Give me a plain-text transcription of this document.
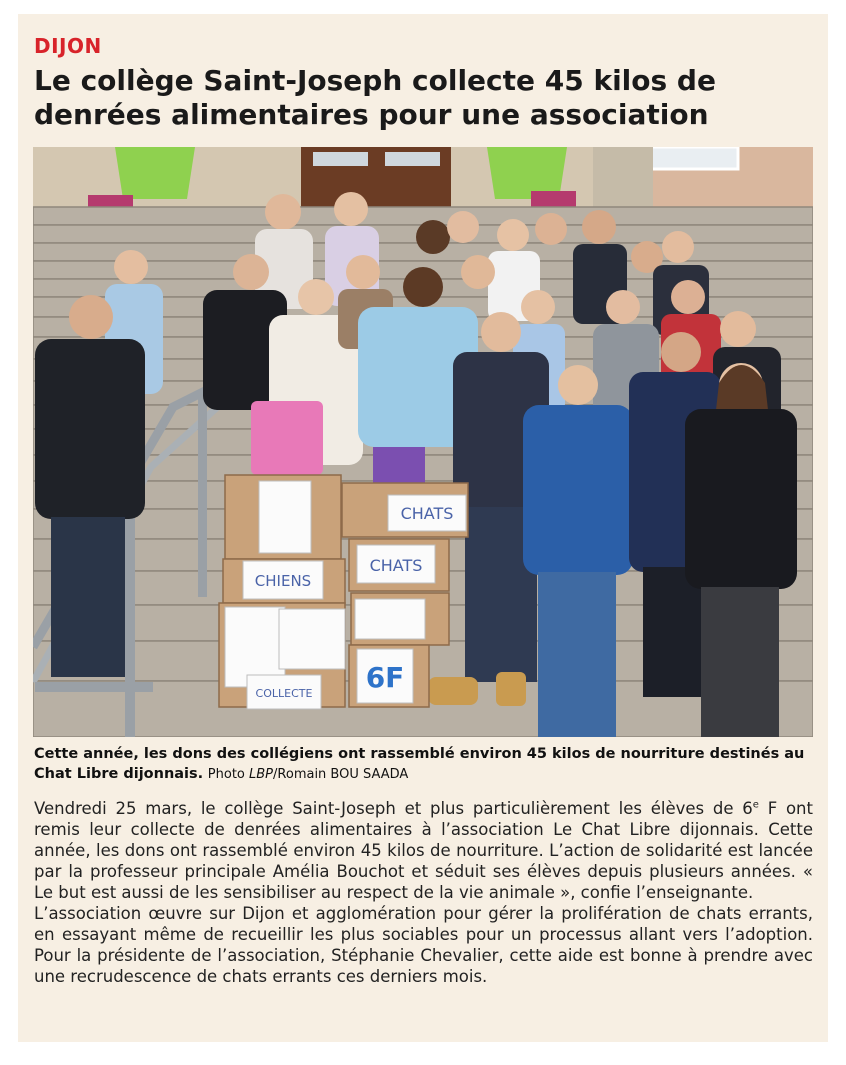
DIJON
Le collège Saint-Joseph collecte 45 kilos de denrées alimentaires pour une association
CHATS
CHATS
CHIENS
6F
COLLECTE
Cette année, les dons des collégiens ont rassemblé environ 45 kilos de nourriture destinés au Chat Libre dijonnais. Photo LBP/Romain BOU SAADA

Vendredi 25 mars, le collège Saint-Joseph et plus particulièrement les élèves de 6e F ont remis leur collecte de denrées alimentaires à l’association Le Chat Libre dijonnais. Cette année, les dons ont rassemblé environ 45 kilos de nourriture. L’action de solidarité est lancée par la professeur principale Amélia Bouchot et séduit ses élèves depuis plusieurs années. « Le but est aussi de les sensibiliser au respect de la vie animale », confie l’enseignante.

L’association œuvre sur Dijon et agglomération pour gérer la prolifération de chats errants, en essayant même de recueillir les plus sociables pour un processus allant vers l’adoption. Pour la présidente de l’association, Stéphanie Chevalier, cette aide est bonne à prendre avec une recrudescence de chats errants ces derniers mois.
